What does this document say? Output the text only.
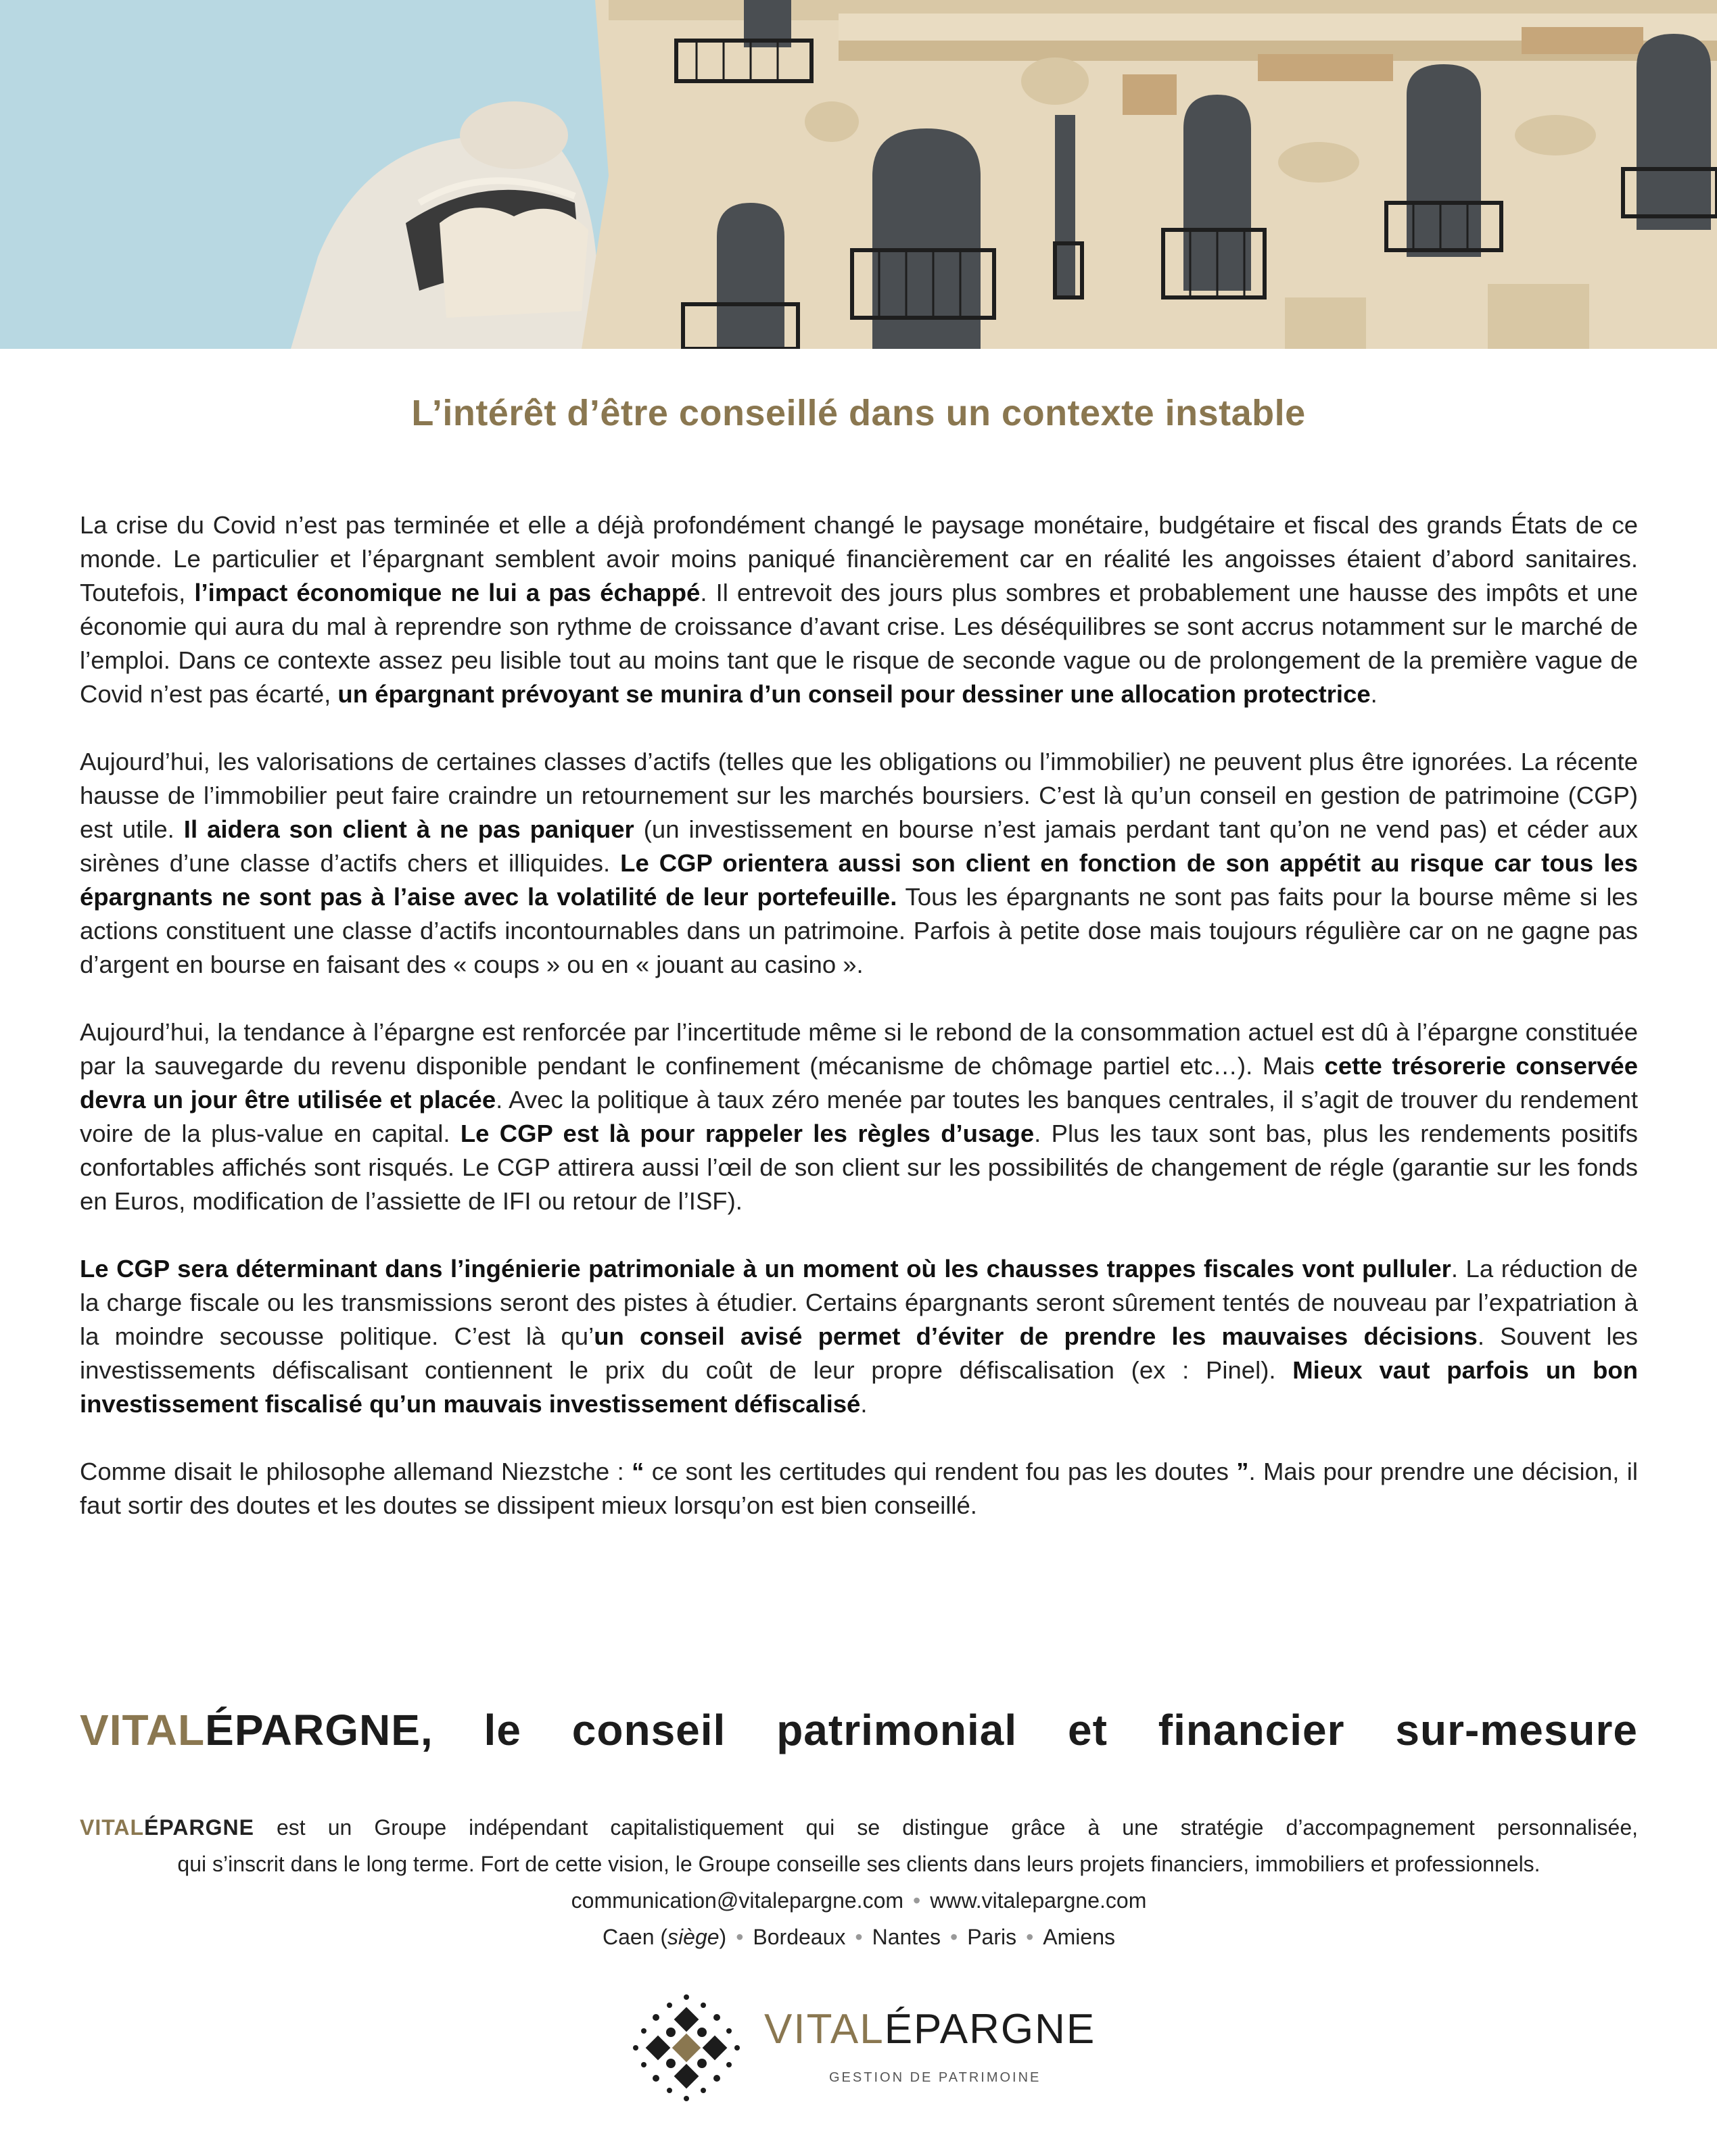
L’intérêt d’être conseillé dans un contexte instable

La crise du Covid n’est pas terminée et elle a déjà profondément changé le paysage monétaire, budgétaire et fiscal des grands États de ce monde. Le particulier et l’épargnant semblent avoir moins paniqué financièrement car en réalité les angoisses étaient d’abord sanitaires. Toutefois, l’impact économique ne lui a pas échappé. Il entrevoit des jours plus sombres et probablement une hausse des impôts et une économie qui aura du mal à reprendre son rythme de croissance d’avant crise. Les déséquilibres se sont accrus notamment sur le marché de l’emploi. Dans ce contexte assez peu lisible tout au moins tant que le risque de seconde vague ou de prolongement de la première vague de Covid n’est pas écarté, un épargnant prévoyant se munira d’un conseil pour dessiner une allocation protectrice.

Aujourd’hui, les valorisations de certaines classes d’actifs (telles que les obligations ou l’immobilier) ne peuvent plus être ignorées. La récente hausse de l’immobilier peut faire craindre un retournement sur les marchés boursiers. C’est là qu’un conseil en gestion de patrimoine (CGP) est utile. Il aidera son client à ne pas paniquer (un investissement en bourse n’est jamais perdant tant qu’on ne vend pas) et céder aux sirènes d’une classe d’actifs chers et illiquides. Le CGP orientera aussi son client en fonction de son appétit au risque car tous les épargnants ne sont pas à l’aise avec la volatilité de leur portefeuille. Tous les épargnants ne sont pas faits pour la bourse même si les actions constituent une classe d’actifs incontournables dans un patrimoine. Parfois à petite dose mais toujours régulière car on ne gagne pas d’argent en bourse en faisant des « coups » ou en « jouant au casino ».

Aujourd’hui, la tendance à l’épargne est renforcée par l’incertitude même si le rebond de la consommation actuel est dû à l’épargne constituée par la sauvegarde du revenu disponible pendant le confinement (mécanisme de chômage partiel etc…). Mais cette trésorerie conservée devra un jour être utilisée et placée. Avec la politique à taux zéro menée par toutes les banques centrales, il s’agit de trouver du rendement voire de la plus-value en capital. Le CGP est là pour rappeler les règles d’usage. Plus les taux sont bas, plus les rendements positifs confortables affichés sont risqués. Le CGP attirera aussi l’œil de son client sur les possibilités de changement de régle (garantie sur les fonds en Euros, modification de l’assiette de IFI ou retour de l’ISF).

Le CGP sera déterminant dans l’ingénierie patrimoniale à un moment où les chausses trappes fiscales vont pulluler. La réduction de la charge fiscale ou les transmissions seront des pistes à étudier. Certains épargnants seront sûrement tentés de nouveau par l’expatriation à la moindre secousse politique. C’est là qu’un conseil avisé permet d’éviter de prendre les mauvaises décisions. Souvent les investissements défiscalisant contiennent le prix du coût de leur propre défiscalisation (ex : Pinel). Mieux vaut parfois un bon investissement fiscalisé qu’un mauvais investissement défiscalisé.

Comme disait le philosophe allemand Niezstche : “ ce sont les certitudes qui rendent fou pas les doutes ”. Mais pour prendre une décision, il faut sortir des doutes et les doutes se dissipent mieux lorsqu’on est bien conseillé.

VITALÉPARGNE, le conseil patrimonial et financier sur-mesure
VITALÉPARGNE est un Groupe indépendant capitalistiquement qui se distingue grâce à une stratégie d’accompagnement personnalisée,
qui s’inscrit dans le long terme. Fort de cette vision, le Groupe conseille ses clients dans leurs projets financiers, immobiliers et professionnels.
communication@vitalepargne.com • www.vitalepargne.com
Caen (siège) • Bordeaux • Nantes • Paris • Amiens
VITALÉPARGNE
GESTION DE PATRIMOINE
